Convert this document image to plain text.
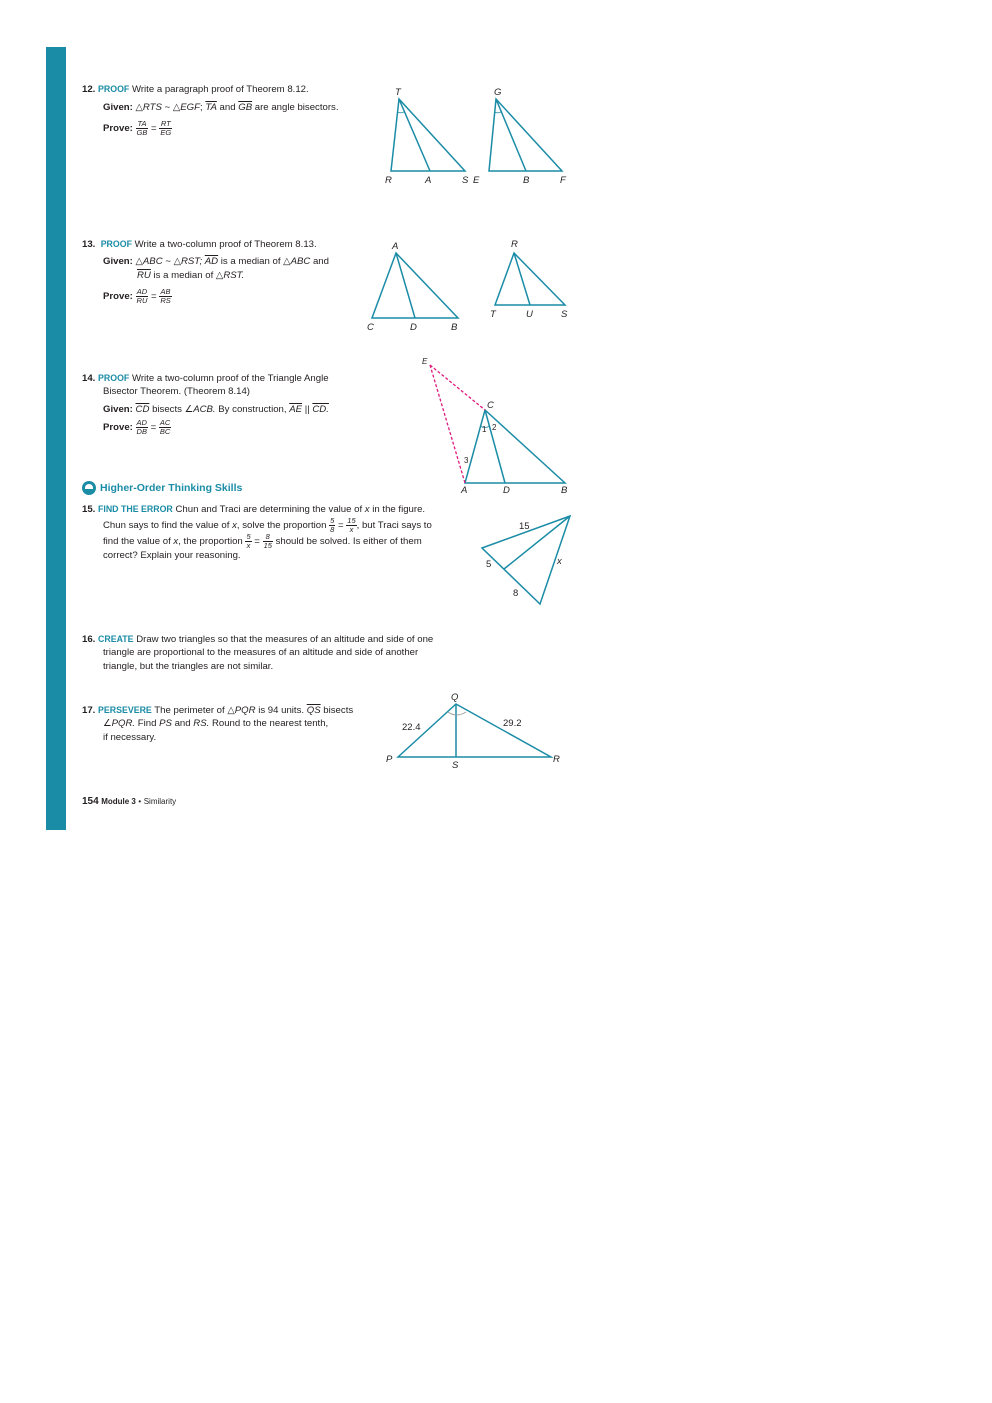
12. PROOF Write a paragraph proof of Theorem 8.12.
Given: △RTS ~ △EGF; $\overline{TA}$ and $\overline{GB}$ are angle bisectors.
Prove: $\frac{TA}{GB} = \frac{RT}{EG}$
13. PROOF Write a two-column proof of Theorem 8.13.
Given: △ABC ~ △RST; $\overline{AD}$ is a median of △ABC and
$\overline{RU}$ is a median of △RST.
Prove: $\frac{AD}{RU} = \frac{AB}{RS}$
14. PROOF Write a two-column proof of the Triangle Angle
Bisector Theorem. (Theorem 8.14)
Given: $\overline{CD}$ bisects ∠ACB. By construction, $\overline{AE}$ || CD.
Prove: $\frac{AD}{DB} = \frac{AC}{BC}$
Higher-Order Thinking Skills
15. FIND THE ERROR Chun and Traci are determining the value of x in the figure.
Chun says to find the value of x, solve the proportion $\frac{5}{8} = \frac{15}{x}$ , but Traci says to
find the value of x, the proportion $\frac{5}{x} = \frac{8}{15}$ should be solved. Is either of them
correct? Explain your reasoning.
16. CREATE Draw two triangles so that the measures of an altitude and side of one
triangle are proportional to the measures of an altitude and side of another
triangle, but the triangles are not similar.
17. PERSEVERE The perimeter of △PQR is 94 units. $\overline{QS}$ bisects
∠PQR. Find PS and RS. Round to the nearest tenth,
if necessary.
T
R	A	S E
G
B	F
A
C	D	B
R
T	U	S
E
C
A	D	B
1 2
3
15
5	x
8
Q
P
S
R
22.4	29.2
154 Module 3 • Similarity
